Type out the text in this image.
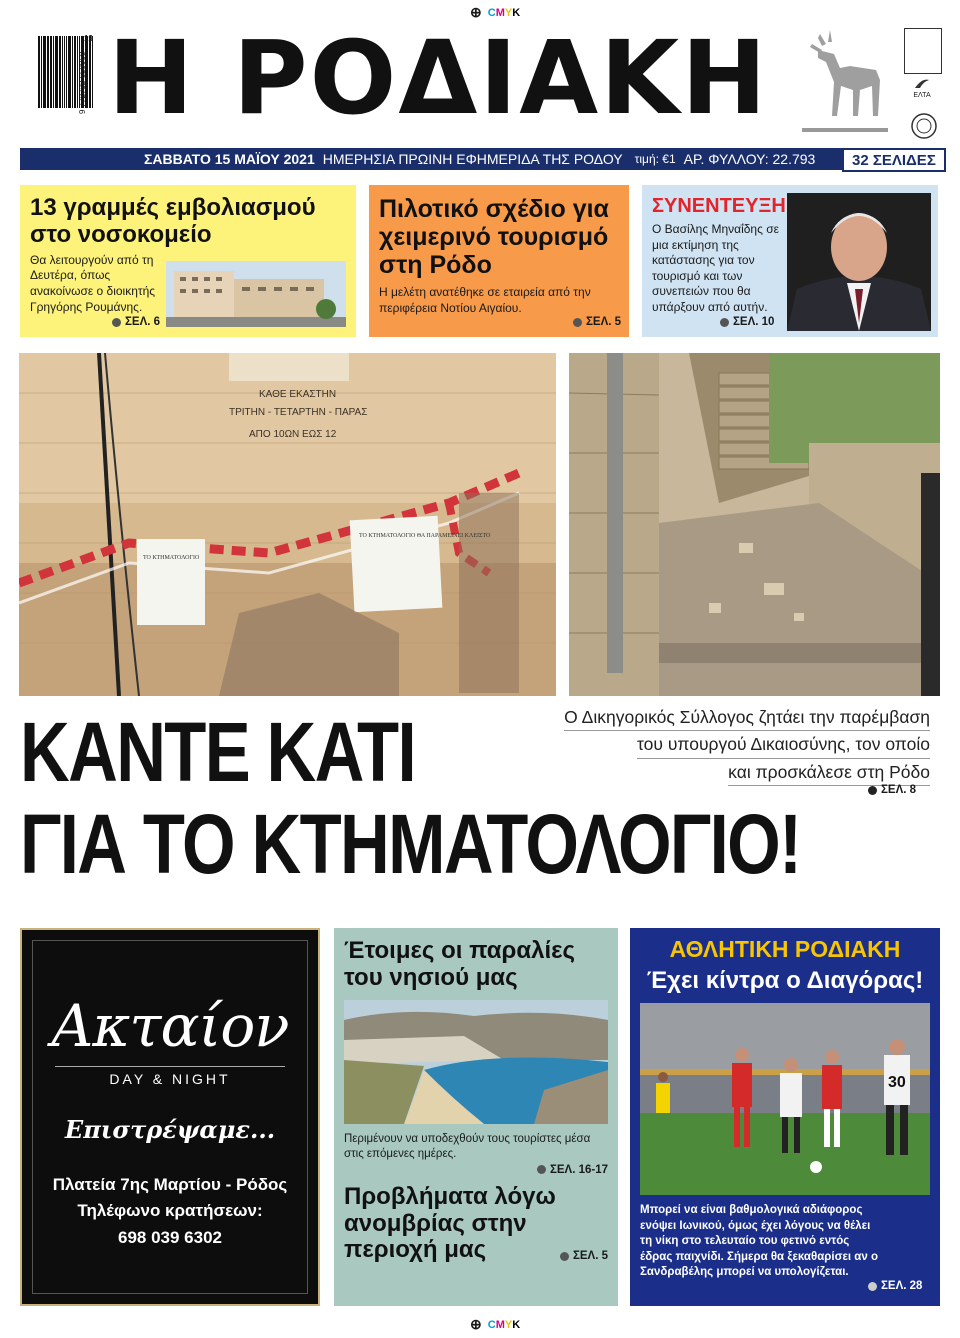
⊕ CMYK
9 772732 650068
19 Η ΡΟΔΙΑΚΗ	ΕΛΤΑ
ΣΑΒΒΑΤΟ 15 ΜΑΪΟΥ 2021 ΗΜΕΡΗΣΙΑ ΠΡΩΙΝΗ ΕΦΗΜΕΡΙΔΑ ΤΗΣ ΡΟΔΟΥ τιμή: €1 ΑΡ. ΦΥΛΛΟΥ: 22.793	32 ΣΕΛΙΔΕΣ
13 γραμμές εμβολιασμού στο νοσοκομείο

Θα λειτουργούν από τη Δευτέρα, όπως ανακοίνωσε ο διοικητής Γρηγόρης Ρουμάνης.

ΣΕΛ. 6
Πιλοτικό σχέδιο για χειμερινό τουρισμό στη Ρόδο

Η μελέτη ανατέθηκε σε εταιρεία από την περιφέρεια Νοτίου Αιγαίου.

ΣΕΛ. 5
ΣΥΝΕΝΤΕΥΞΗ

Ο Βασίλης Μηναΐδης σε μια εκτίμηση της κατάστασης για τον τουρισμό και των συνεπειών που θα υπάρξουν από αυτήν.

ΣΕΛ. 10
ΚΑΘΕ ΕΚΑΣΤΗΝ
ΤΡΙΤΗΝ - ΤΕΤΑΡΤΗΝ - ΠΑΡΑΣ
ΑΠΟ 10ΩΝ ΕΩΣ 12
ΤΟ ΚΤΗΜΑΤΟΛΟΓΙΟ
ΤΟ ΚΤΗΜΑΤΟΛΟΓΙΟ ΘΑ ΠΑΡΑΜΕΙΝΕΙ ΚΛΕΙΣΤΟ
ΚΑΝΤΕ ΚΑΤΙ
ΓΙΑ ΤΟ ΚΤΗΜΑΤΟΛΟΓΙΟ!
Ο Δικηγορικός Σύλλογος ζητάει την παρέμβαση
του υπουργού Δικαιοσύνης, τον οποίο
και προσκάλεσε στη Ρόδο
ΣΕΛ. 8
Ακταίον
DAY & NIGHT
Επιστρέψαμε...
Πλατεία 7ης Μαρτίου - Ρόδος
Τηλέφωνο κρατήσεων:
698 039 6302
Έτοιμες οι παραλίες του νησιού μας

Περιμένουν να υποδεχθούν τους τουρίστες μέσα στις επόμενες ημέρες.

ΣΕΛ. 16-17
Προβλήματα λόγω ανομβρίας στην περιοχή μας	ΣΕΛ. 5
ΑΘΛΗΤΙΚΗ ΡΟΔΙΑΚΗ
Έχει κίντρα ο Διαγόρας!
30

Μπορεί να είναι βαθμολογικά αδιάφορος ενόψει Ιωνικού, όμως έχει λόγους να θέλει τη νίκη στο τελευταίο του φετινό εντός έδρας παιχνίδι. Σήμερα θα ξεκαθαρίσει αν ο Σανδραβέλης μπορεί να υπολογίζεται.

ΣΕΛ. 28
⊕ CMYK
